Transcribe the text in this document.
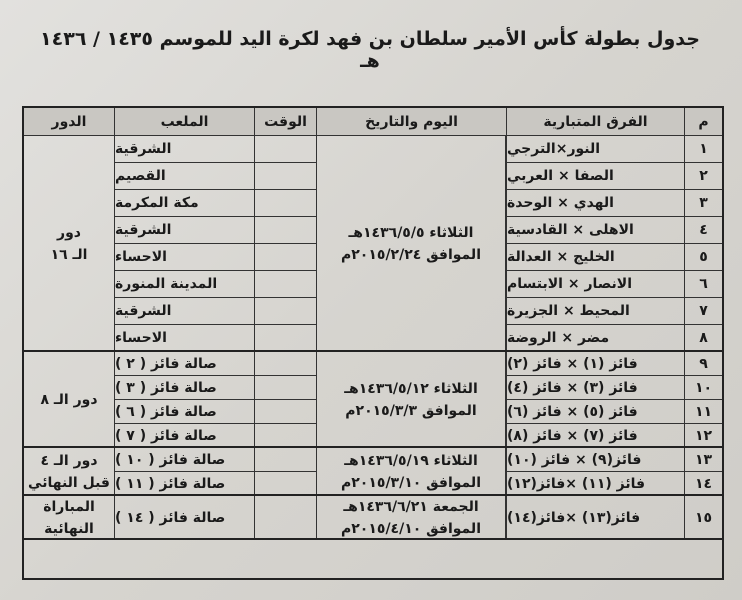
جدول بطولة كأس الأمير سلطان بن فهد لكرة اليد للموسم ١٤٣٥ / ١٤٣٦ هـ
م
الفرق المتبارية
اليوم والتاريخ
الوقت
الملعب
الدور
١
النور×الترجي
الشرقية
٢
الصفا × العربي
القصيم
٣
الهدي × الوحدة
مكة المكرمة
٤
الاهلى × القادسية
الشرقية
٥
الخليج × العدالة
الاحساء
٦
الانصار × الابتسام
المدينة المنورة
٧
المحيط × الجزيرة
الشرقية
٨
مضر × الروضة
الاحساء
٩
فائز (١) × فائز (٢)
صالة فائز ( ٢ )
١٠
فائز (٣) × فائز (٤)
صالة فائز ( ٣ )
١١
فائز (٥) × فائز (٦)
صالة فائز ( ٦ )
١٢
فائز (٧) × فائز (٨)
صالة فائز ( ٧ )
١٣
فائز(٩) × فائز (١٠)
صالة فائز ( ١٠ )
١٤
فائز (١١) ×فائز(١٢)
صالة فائز ( ١١ )
١٥
فائز(١٣) ×فائز(١٤)
صالة فائز ( ١٤ )
الثلاثاء ١٤٣٦/٥/٥هـ
الموافق ٢٠١٥/٢/٢٤م
دور
الـ ١٦
الثلاثاء ١٤٣٦/٥/١٢هـ
الموافق ٢٠١٥/٣/٣م
دور الـ ٨
الثلاثاء ١٤٣٦/٥/١٩هـ
الموافق ٢٠١٥/٣/١٠م
دور الـ ٤
قبل النهائي
الجمعة ١٤٣٦/٦/٢١هـ
الموافق ٢٠١٥/٤/١٠م
المباراة النهائية
